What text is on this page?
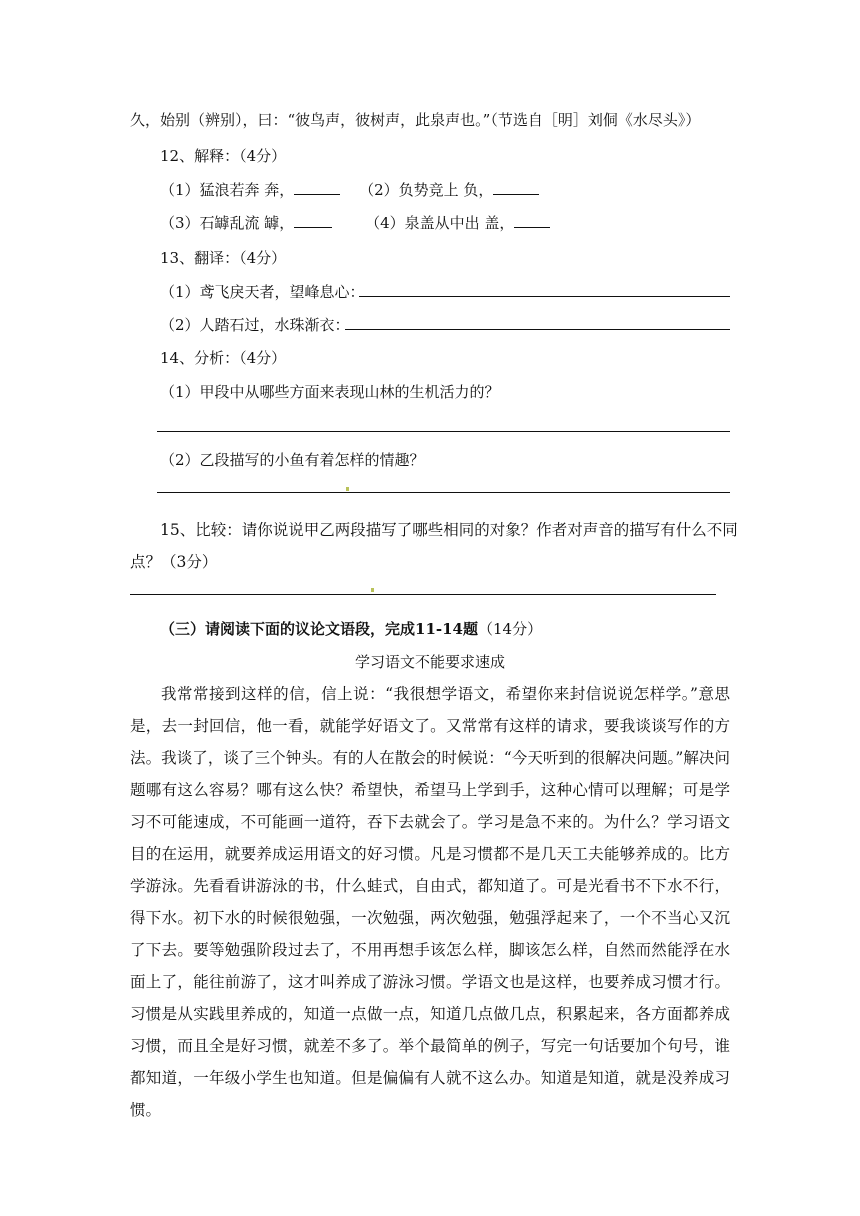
久，始别（辨别），曰：“彼鸟声，彼树声，此泉声也。”（节选自［明］刘侗《水尽头》）
12、解释：（4分）
（1）猛浪若奔 奔，	（2）负势竞上 负，
（3）石罅乱流 罅，	（4）泉盖从中出 盖，
13、翻译：（4分）
（1）鸢飞戾天者，望峰息心：
（2）人踏石过，水珠渐衣：
14、分析：（4分）
（1）甲段中从哪些方面来表现山林的生机活力的？
（2）乙段描写的小鱼有着怎样的情趣？
15、比较：请你说说甲乙两段描写了哪些相同的对象？作者对声音的描写有什么不同
点？（3分）
（三）请阅读下面的议论文语段，完成11-14题（14分）
学习语文不能要求速成
我常常接到这样的信，信上说：“我很想学语文，希望你来封信说说怎样学。”意思是，去一封回信，他一看，就能学好语文了。又常常有这样的请求，要我谈谈写作的方法。我谈了，谈了三个钟头。有的人在散会的时候说：“今天听到的很解决问题。”解决问题哪有这么容易？哪有这么快？希望快，希望马上学到手，这种心情可以理解；可是学习不可能速成，不可能画一道符，吞下去就会了。学习是急不来的。为什么？学习语文目的在运用，就要养成运用语文的好习惯。凡是习惯都不是几天工夫能够养成的。比方学游泳。先看看讲游泳的书，什么蛙式，自由式，都知道了。可是光看书不下水不行，得下水。初下水的时候很勉强，一次勉强，两次勉强，勉强浮起来了，一个不当心又沉了下去。要等勉强阶段过去了，不用再想手该怎么样，脚该怎么样，自然而然能浮在水面上了，能往前游了，这才叫养成了游泳习惯。学语文也是这样，也要养成习惯才行。习惯是从实践里养成的，知道一点做一点，知道几点做几点，积累起来，各方面都养成习惯，而且全是好习惯，就差不多了。举个最简单的例子，写完一句话要加个句号，谁都知道，一年级小学生也知道。但是偏偏有人就不这么办。知道是知道，就是没养成习惯。
